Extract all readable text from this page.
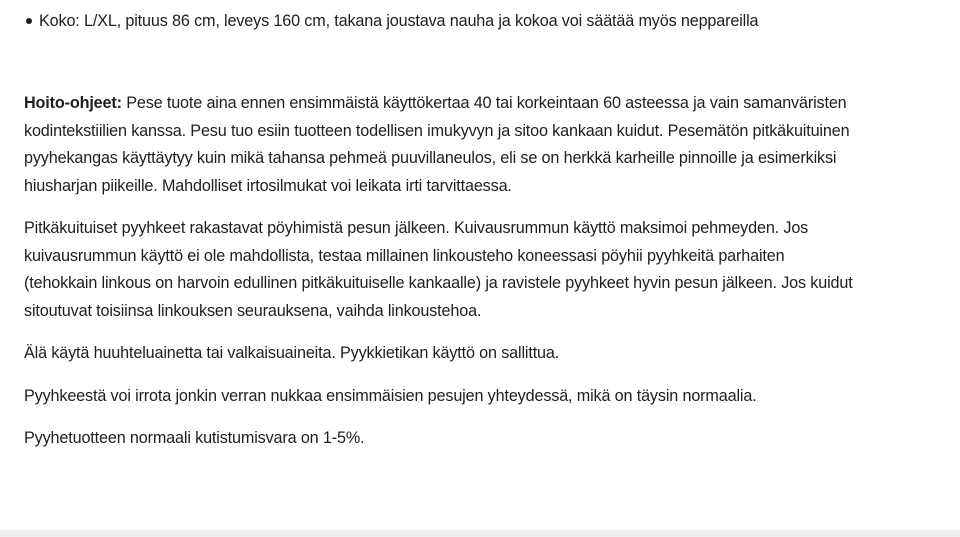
Koko: L/XL, pituus 86 cm, leveys 160 cm, takana joustava nauha ja kokoa voi säätää myös neppareilla

Hoito-ohjeet: Pese tuote aina ennen ensimmäistä käyttökertaa 40 tai korkeintaan 60 asteessa ja vain samanväristen
kodintekstiilien kanssa. Pesu tuo esiin tuotteen todellisen imukyvyn ja sitoo kankaan kuidut. Pesemätön pitkäkuituinen
pyyhekangas käyttäytyy kuin mikä tahansa pehmeä puuvillaneulos, eli se on herkkä karheille pinnoille ja esimerkiksi
hiusharjan piikeille. Mahdolliset irtosilmukat voi leikata irti tarvittaessa.

Pitkäkuituiset pyyhkeet rakastavat pöyhimistä pesun jälkeen. Kuivausrummun käyttö maksimoi pehmeyden. Jos
kuivausrummun käyttö ei ole mahdollista, testaa millainen linkousteho koneessasi pöyhii pyyhkeitä parhaiten
(tehokkain linkous on harvoin edullinen pitkäkuituiselle kankaalle) ja ravistele pyyhkeet hyvin pesun jälkeen. Jos kuidut
sitoutuvat toisiinsa linkouksen seurauksena, vaihda linkoustehoa.

Älä käytä huuhteluainetta tai valkaisuaineita. Pyykkietikan käyttö on sallittua.

Pyyhkeestä voi irrota jonkin verran nukkaa ensimmäisien pesujen yhteydessä, mikä on täysin normaalia.

Pyyhetuotteen normaali kutistumisvara on 1-5%.
